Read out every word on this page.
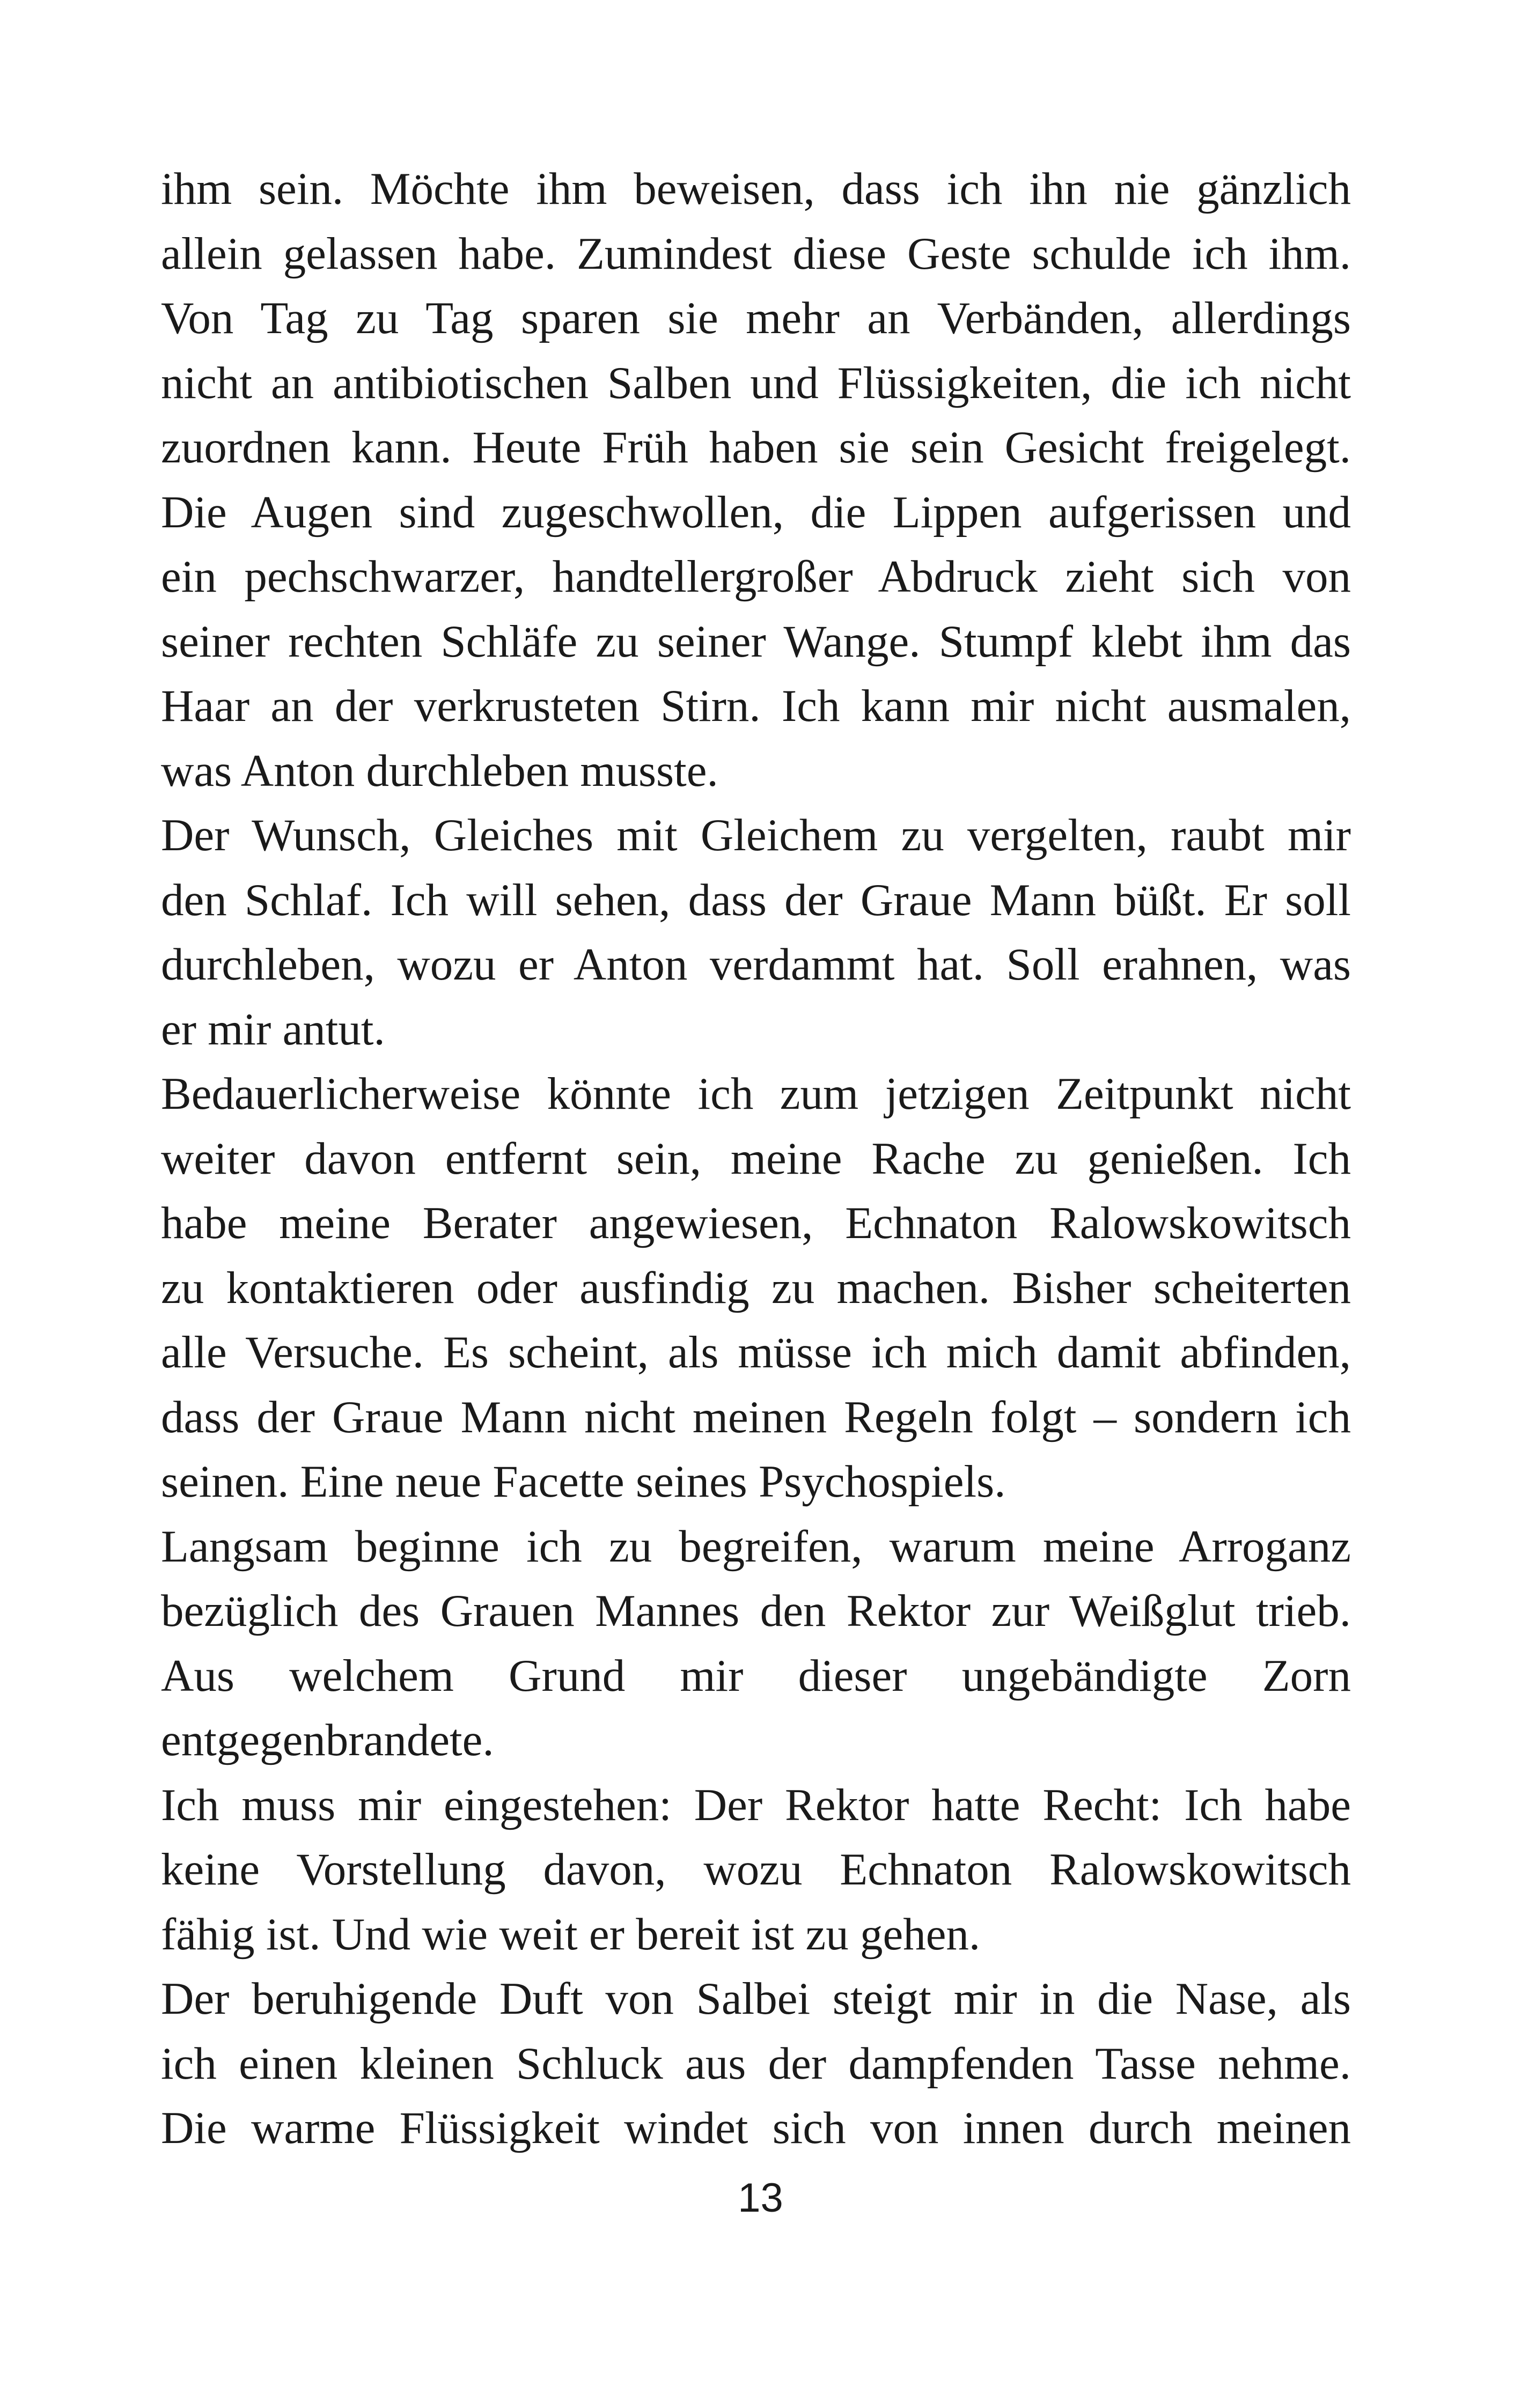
ihm sein. Möchte ihm beweisen, dass ich ihn nie gänzlich
allein gelassen habe. Zumindest diese Geste schulde ich ihm.
Von Tag zu Tag sparen sie mehr an Verbänden, allerdings
nicht an antibiotischen Salben und Flüssigkeiten, die ich nicht
zuordnen kann. Heute Früh haben sie sein Gesicht freigelegt.
Die Augen sind zugeschwollen, die Lippen aufgerissen und
ein pechschwarzer, handtellergroßer Abdruck zieht sich von
seiner rechten Schläfe zu seiner Wange. Stumpf klebt ihm das
Haar an der verkrusteten Stirn. Ich kann mir nicht ausmalen,
was Anton durchleben musste.
Der Wunsch, Gleiches mit Gleichem zu vergelten, raubt mir
den Schlaf. Ich will sehen, dass der Graue Mann büßt. Er soll
durchleben, wozu er Anton verdammt hat. Soll erahnen, was
er mir antut.
Bedauerlicherweise könnte ich zum jetzigen Zeitpunkt nicht
weiter davon entfernt sein, meine Rache zu genießen. Ich
habe meine Berater angewiesen, Echnaton Ralowskowitsch
zu kontaktieren oder ausfindig zu machen. Bisher scheiterten
alle Versuche. Es scheint, als müsse ich mich damit abfinden,
dass der Graue Mann nicht meinen Regeln folgt – sondern ich
seinen. Eine neue Facette seines Psychospiels.
Langsam beginne ich zu begreifen, warum meine Arroganz
bezüglich des Grauen Mannes den Rektor zur Weißglut trieb.
Aus welchem Grund mir dieser ungebändigte Zorn
entgegenbrandete.
Ich muss mir eingestehen: Der Rektor hatte Recht: Ich habe
keine Vorstellung davon, wozu Echnaton Ralowskowitsch
fähig ist. Und wie weit er bereit ist zu gehen.
Der beruhigende Duft von Salbei steigt mir in die Nase, als
ich einen kleinen Schluck aus der dampfenden Tasse nehme.
Die warme Flüssigkeit windet sich von innen durch meinen
13
